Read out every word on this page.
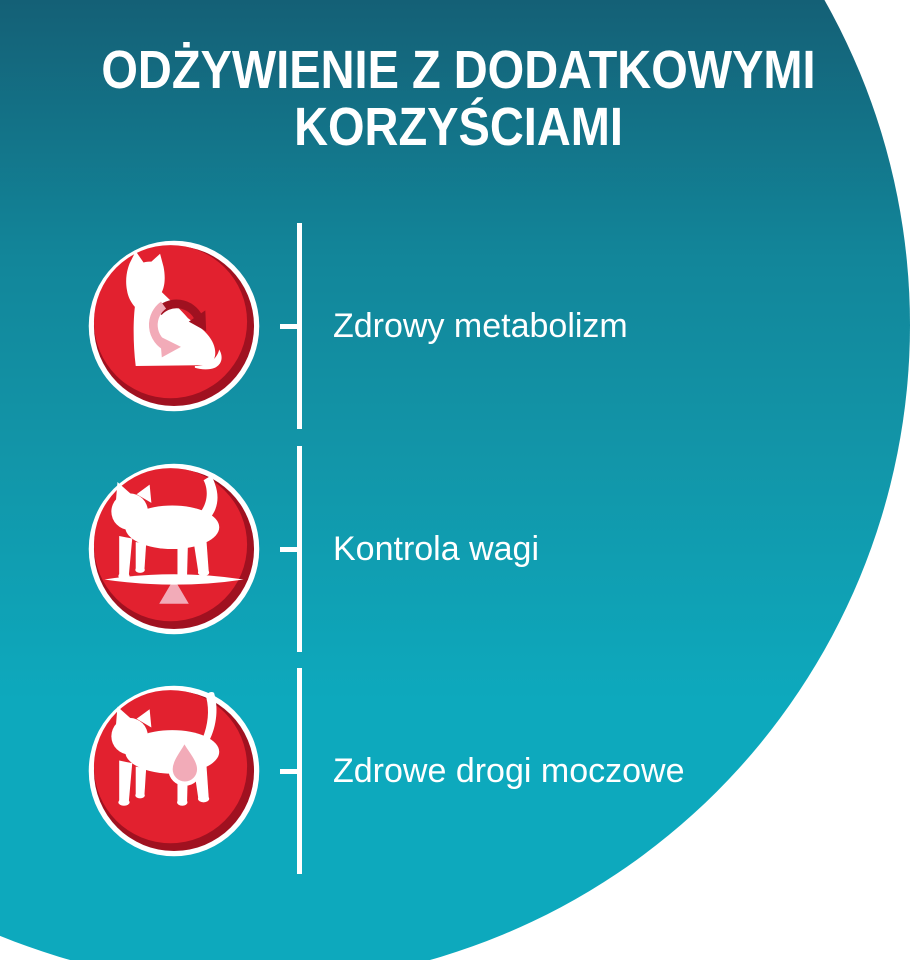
ODŻYWIENIE Z DODATKOWYMI
KORZYŚCIAMI
Zdrowy metabolizm
Kontrola wagi
Zdrowe drogi moczowe
